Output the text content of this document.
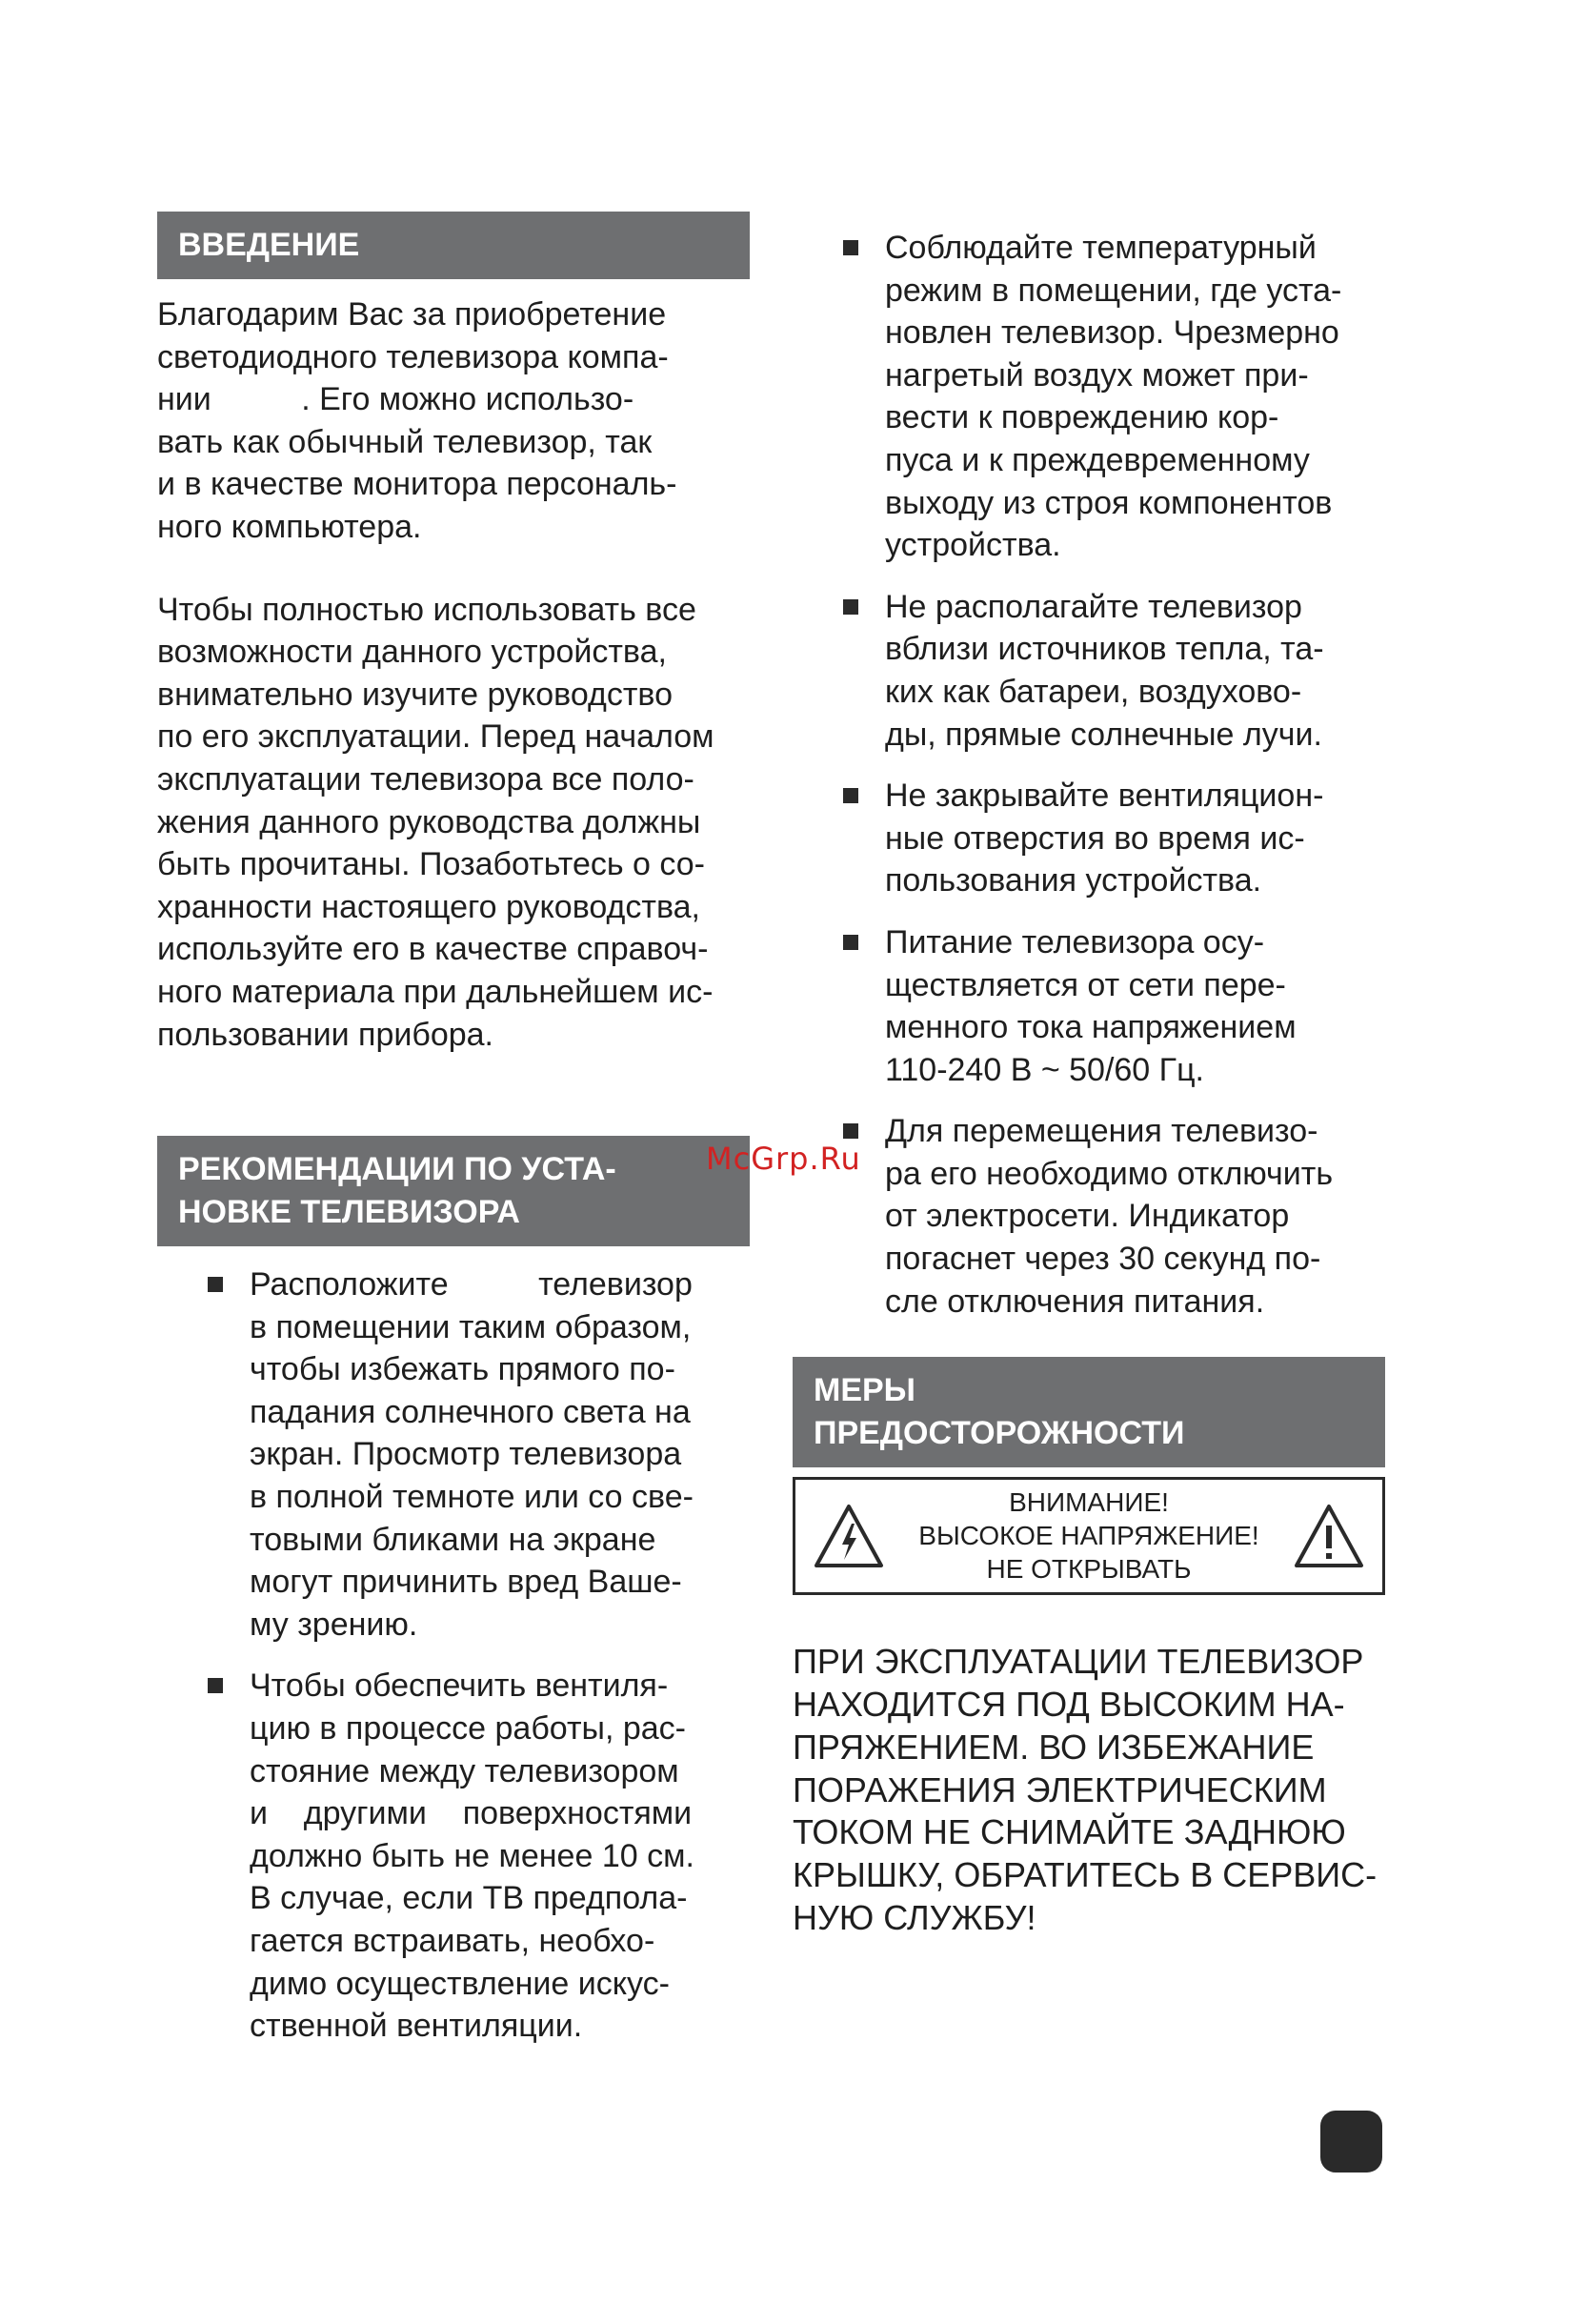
ВВЕДЕНИЕ

Благодарим Вас за приобретение
светодиодного телевизора компа-
нии          . Его можно использо-
вать как обычный телевизор, так
и в качестве монитора персональ-
ного компьютера.

Чтобы полностью использовать все
возможности данного устройства,
внимательно изучите руководство
по его эксплуатации. Перед началом
эксплуатации телевизора все поло-
жения данного руководства должны
быть прочитаны. Позаботьтесь о со-
хранности настоящего руководства,
используйте его в качестве справоч-
ного материала при дальнейшем ис-
пользовании прибора.

РЕКОМЕНДАЦИИ ПО УСТА-
НОВКЕ ТЕЛЕВИЗОРА

Расположите          телевизор
в помещении таким образом,
чтобы избежать прямого по-
падания солнечного света на
экран. Просмотр телевизора
в полной темноте или со све-
товыми бликами на экране
могут причинить вред Ваше-
му зрению.

Чтобы обеспечить вентиля-
цию в процессе работы, рас-
стояние между телевизором
и    другими    поверхностями
должно быть не менее 10 см.
В случае, если ТВ предпола-
гается встраивать, необхо-
димо осуществление искус-
ственной вентиляции.

Соблюдайте температурный
режим в помещении, где уста-
новлен телевизор. Чрезмерно
нагретый воздух может при-
вести к повреждению кор-
пуса и к преждевременному
выходу из строя компонентов
устройства.

Не располагайте телевизор
вблизи источников тепла, та-
ких как батареи, воздухово-
ды, прямые солнечные лучи.

Не закрывайте вентиляцион-
ные отверстия во время ис-
пользования устройства.

Питание телевизора осу-
ществляется от сети пере-
менного тока напряжением
110-240 В ~ 50/60 Гц.

Для перемещения телевизо-
ра его необходимо отключить
от электросети. Индикатор
погаснет через 30 секунд по-
сле отключения питания.

МЕРЫ
ПРЕДОСТОРОЖНОСТИ
ВНИМАНИЕ!
ВЫСОКОЕ НАПРЯЖЕНИЕ!
НЕ ОТКРЫВАТЬ

ПРИ ЭКСПЛУАТАЦИИ ТЕЛЕВИЗОР
НАХОДИТСЯ ПОД ВЫСОКИМ НА-
ПРЯЖЕНИЕМ. ВО ИЗБЕЖАНИЕ
ПОРАЖЕНИЯ ЭЛЕКТРИЧЕСКИМ
ТОКОМ НЕ СНИМАЙТЕ ЗАДНЮЮ
КРЫШКУ, ОБРАТИТЕСЬ В СЕРВИС-
НУЮ СЛУЖБУ!

McGrp.Ru
